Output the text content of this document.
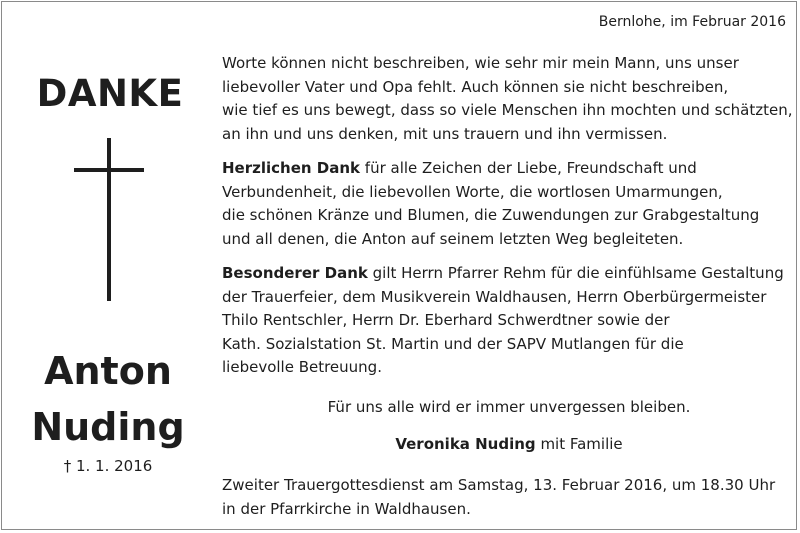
Bernlohe, im Februar 2016
DANKE
Anton
Nuding
† 1. 1. 2016

Worte können nicht beschreiben, wie sehr mir mein Mann, uns unser
liebevoller Vater und Opa fehlt. Auch können sie nicht beschreiben,
wie tief es uns bewegt, dass so viele Menschen ihn mochten und schätzten,
an ihn und uns denken, mit uns trauern und ihn vermissen.

Herzlichen Dank für alle Zeichen der Liebe, Freundschaft und
Verbundenheit, die liebevollen Worte, die wortlosen Umarmungen,
die schönen Kränze und Blumen, die Zuwendungen zur Grabgestaltung
und all denen, die Anton auf seinem letzten Weg begleiteten.

Besonderer Dank gilt Herrn Pfarrer Rehm für die einfühlsame Gestaltung
der Trauerfeier, dem Musikverein Waldhausen, Herrn Oberbürgermeister
Thilo Rentschler, Herrn Dr. Eberhard Schwerdtner sowie der
Kath. Sozialstation St. Martin und der SAPV Mutlangen für die
liebevolle Betreuung.

Für uns alle wird er immer unvergessen bleiben.
Veronika Nuding mit Familie
Zweiter Trauergottesdienst am Samstag, 13. Februar 2016, um 18.30 Uhr
in der Pfarrkirche in Waldhausen.
